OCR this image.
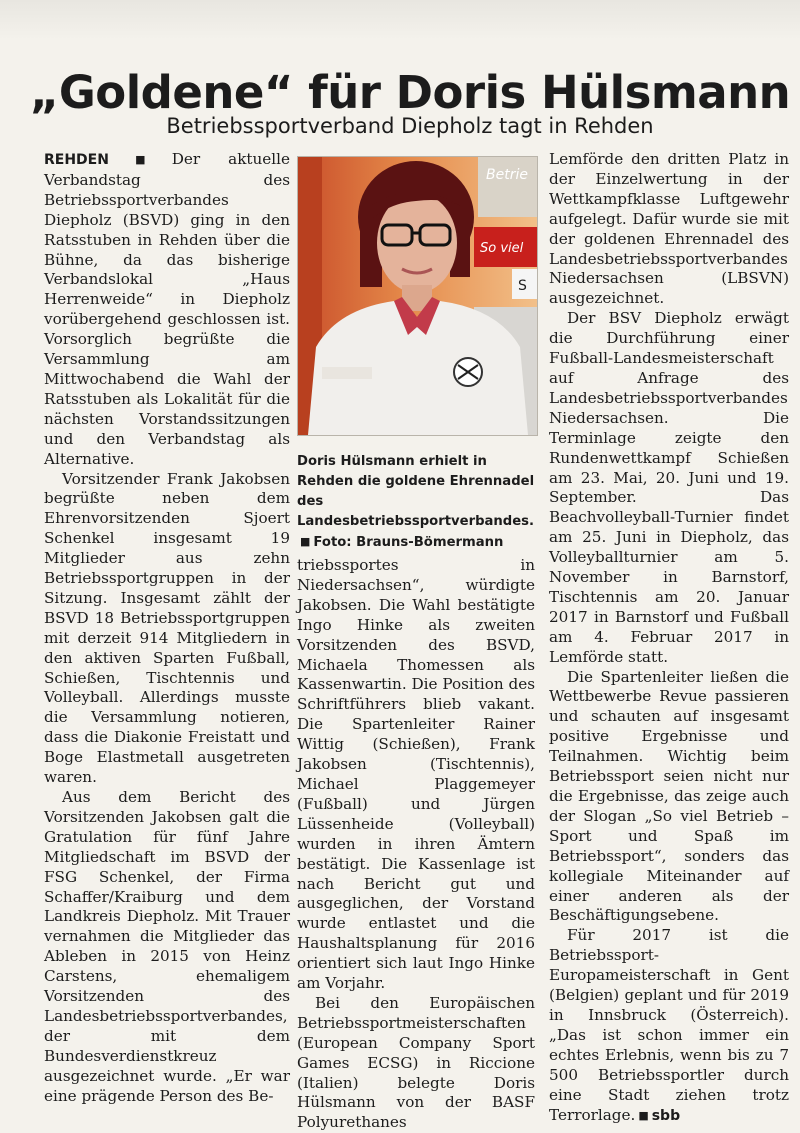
„Goldene“ für Doris Hülsmann
Betriebssportverband Diepholz tagt in Rehden

REHDEN ■ Der aktuelle Verbandstag des Betriebssportverbandes Diepholz (BSVD) ging in den Ratsstuben in Rehden über die Bühne, da das bisherige Verbandslokal „Haus Herrenweide“ in Diepholz vorübergehend geschlossen ist. Vorsorglich begrüßte die Versammlung am Mittwochabend die Wahl der Ratsstuben als Lokalität für die nächsten Vorstandssitzungen und den Verbandstag als Alternative.

Vorsitzender Frank Jakobsen begrüßte neben dem Ehrenvorsitzenden Sjoert Schenkel insgesamt 19 Mitglieder aus zehn Betriebssportgruppen in der Sitzung. Insgesamt zählt der BSVD 18 Betriebssportgruppen mit derzeit 914 Mitgliedern in den aktiven Sparten Fußball, Schießen, Tischtennis und Volleyball. Allerdings musste die Versammlung notieren, dass die Diakonie Freistatt und Boge Elastmetall ausgetreten waren.

Aus dem Bericht des Vorsitzenden Jakobsen galt die Gratulation für fünf Jahre Mitgliedschaft im BSVD der FSG Schenkel, der Firma Schaffer/Kraiburg und dem Landkreis Diepholz. Mit Trauer vernahmen die Mitglieder das Ableben in 2015 von Heinz Carstens, ehemaligem Vorsitzenden des Landesbetriebssportverbandes, der mit dem Bundesverdienstkreuz ausgezeichnet wurde. „Er war eine prägende Person des Be-

Betrie
So viel
S
Doris Hülsmann erhielt in Rehden die goldene Ehrennadel des Landesbetriebssportverbandes.
■ Foto: Brauns-Bömermann

triebssportes in Niedersachsen“, würdigte Jakobsen. Die Wahl bestätigte Ingo Hinke als zweiten Vorsitzenden des BSVD, Michaela Thomessen als Kassenwartin. Die Position des Schriftführers blieb vakant. Die Spartenleiter Rainer Wittig (Schießen), Frank Jakobsen (Tischtennis), Michael Plaggemeyer (Fußball) und Jürgen Lüssenheide (Volleyball) wurden in ihren Ämtern bestätigt. Die Kassenlage ist nach Bericht gut und ausgeglichen, der Vorstand wurde entlastet und die Haushaltsplanung für 2016 orientiert sich laut Ingo Hinke am Vorjahr.

Bei den Europäischen Betriebssportmeisterschaften (European Company Sport Games ECSG) in Riccione (Italien) belegte Doris Hülsmann von der BASF Polyurethanes

Lemförde den dritten Platz in der Einzelwertung in der Wettkampfklasse Luftgewehr aufgelegt. Dafür wurde sie mit der goldenen Ehrennadel des Landesbetriebssportverbandes Niedersachsen (LBSVN) ausgezeichnet.

Der BSV Diepholz erwägt die Durchführung einer Fußball-Landesmeisterschaft auf Anfrage des Landesbetriebssportverbandes Niedersachsen. Die Terminlage zeigte den Rundenwettkampf Schießen am 23. Mai, 20. Juni und 19. September. Das Beachvolleyball-Turnier findet am 25. Juni in Diepholz, das Volleyballturnier am 5. November in Barnstorf, Tischtennis am 20. Januar 2017 in Barnstorf und Fußball am 4. Februar 2017 in Lemförde statt.

Die Spartenleiter ließen die Wettbewerbe Revue passieren und schauten auf insgesamt positive Ergebnisse und Teilnahmen. Wichtig beim Betriebssport seien nicht nur die Ergebnisse, das zeige auch der Slogan „So viel Betrieb – Sport und Spaß im Betriebssport“, sonders das kollegiale Miteinander auf einer anderen als der Beschäftigungsebene.

Für 2017 ist die Betriebssport-Europameisterschaft in Gent (Belgien) geplant und für 2019 in Innsbruck (Österreich). „Das ist schon immer ein echtes Erlebnis, wenn bis zu 7 500 Betriebssportler durch eine Stadt ziehen trotz Terrorlage. ■ sbb
